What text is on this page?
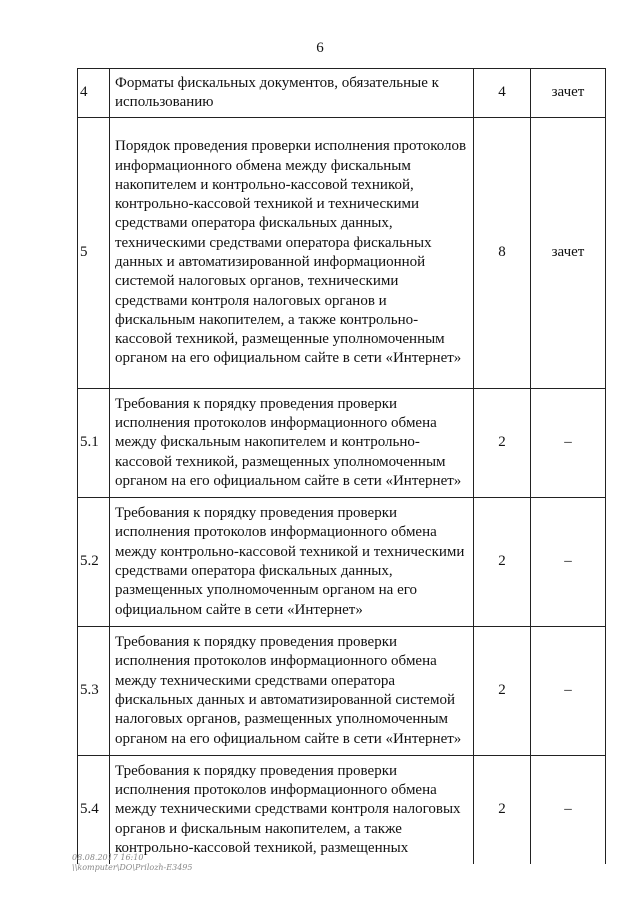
6
4	Форматы фискальных документов, обязательные к использованию	4	зачет
5	Порядок проведения проверки исполнения протоколов информационного обмена между фискальным накопителем и контрольно-кассовой техникой, контрольно-кассовой техникой и техническими средствами оператора фискальных данных, техническими средствами оператора фискальных данных и автоматизированной информационной системой налоговых органов, техническими средствами контроля налоговых органов и фискальным накопителем, а также контрольно-кассовой техникой, размещенные уполномоченным органом на его официальном сайте в сети «Интернет»	8	зачет
5.1	Требования к порядку проведения проверки исполнения протоколов информационного обмена между фискальным накопителем и контрольно-кассовой техникой, размещенных уполномоченным органом на его официальном сайте в сети «Интернет»	2	–
5.2	Требования к порядку проведения проверки исполнения протоколов информационного обмена между контрольно-кассовой техникой и техническими средствами оператора фискальных данных, размещенных уполномоченным органом на его официальном сайте в сети «Интернет»	2	–
5.3	Требования к порядку проведения проверки исполнения протоколов информационного обмена между техническими средствами оператора фискальных данных и автоматизированной системой налоговых органов, размещенных уполномоченным органом на его официальном сайте в сети «Интернет»	2	–
5.4	Требования к порядку проведения проверки исполнения протоколов информационного обмена между техническими средствами контроля налоговых органов и фискальным накопителем, а также контрольно-кассовой техникой, размещенных	2	–
08.08.2017 16:10
\\komputer\DO\Prilozh-E3495
